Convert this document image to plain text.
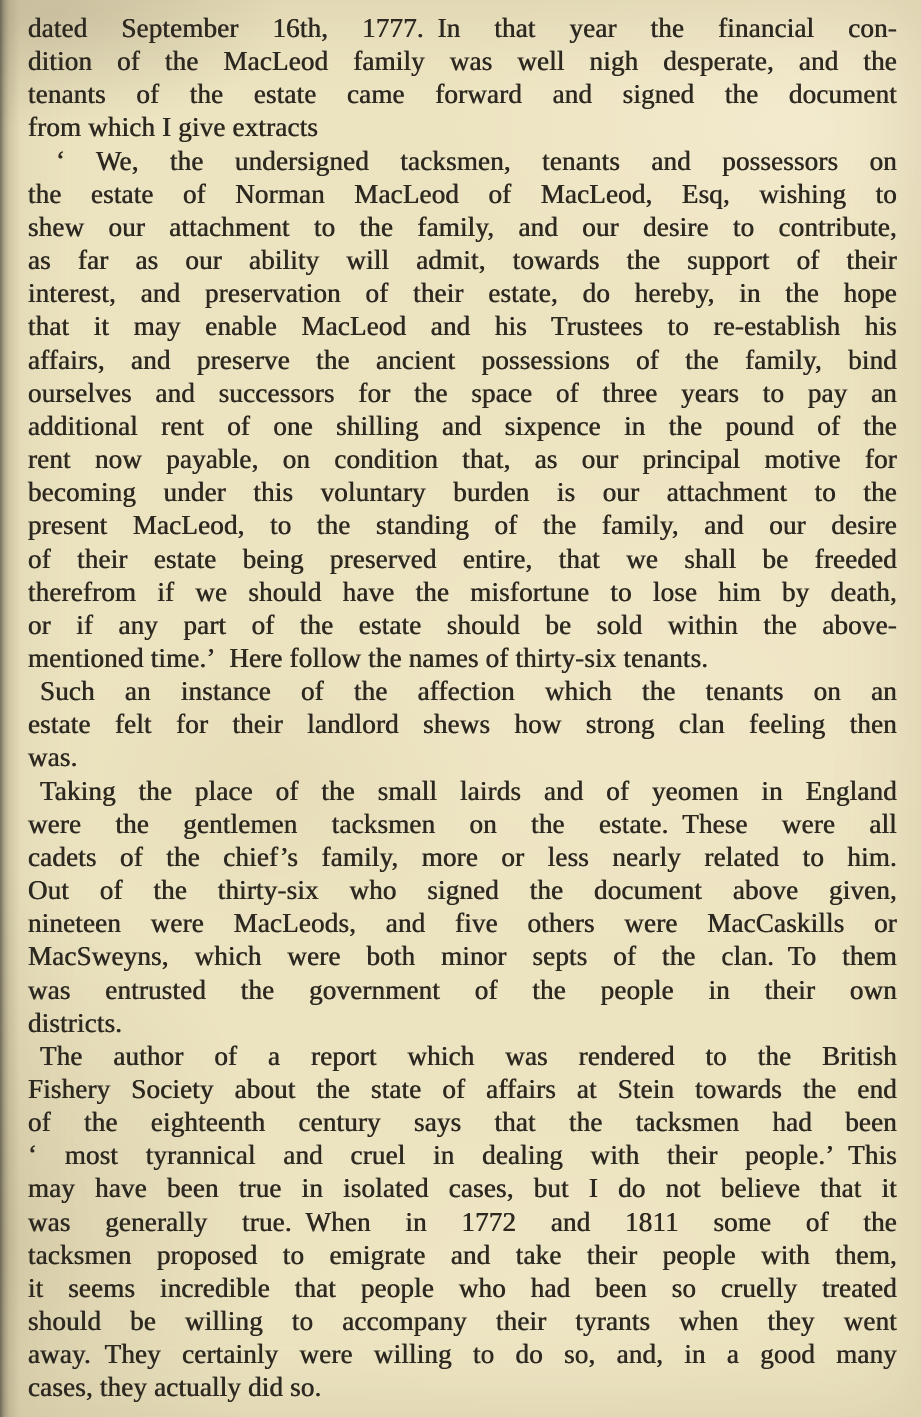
dated September 16th, 1777. In that year the financial con-
dition of the MacLeod family was well nigh desperate, and the
tenants of the estate came forward and signed the document
from which I give extracts
‘ We, the undersigned tacksmen, tenants and possessors on
the estate of Norman MacLeod of MacLeod, Esq, wishing to
shew our attachment to the family, and our desire to contribute,
as far as our ability will admit, towards the support of their
interest, and preservation of their estate, do hereby, in the hope
that it may enable MacLeod and his Trustees to re-establish his
affairs, and preserve the ancient possessions of the family, bind
ourselves and successors for the space of three years to pay an
additional rent of one shilling and sixpence in the pound of the
rent now payable, on condition that, as our principal motive for
becoming under this voluntary burden is our attachment to the
present MacLeod, to the standing of the family, and our desire
of their estate being preserved entire, that we shall be freeded
therefrom if we should have the misfortune to lose him by death,
or if any part of the estate should be sold within the above-
mentioned time.’ Here follow the names of thirty-six tenants.
Such an instance of the affection which the tenants on an
estate felt for their landlord shews how strong clan feeling then
was.
Taking the place of the small lairds and of yeomen in England
were the gentlemen tacksmen on the estate. These were all
cadets of the chief’s family, more or less nearly related to him.
Out of the thirty-six who signed the document above given,
nineteen were MacLeods, and five others were MacCaskills or
MacSweyns, which were both minor septs of the clan. To them
was entrusted the government of the people in their own
districts.
The author of a report which was rendered to the British
Fishery Society about the state of affairs at Stein towards the end
of the eighteenth century says that the tacksmen had been
‘ most tyrannical and cruel in dealing with their people.’ This
may have been true in isolated cases, but I do not believe that it
was generally true. When in 1772 and 1811 some of the
tacksmen proposed to emigrate and take their people with them,
it seems incredible that people who had been so cruelly treated
should be willing to accompany their tyrants when they went
away. They certainly were willing to do so, and, in a good many
cases, they actually did so.
